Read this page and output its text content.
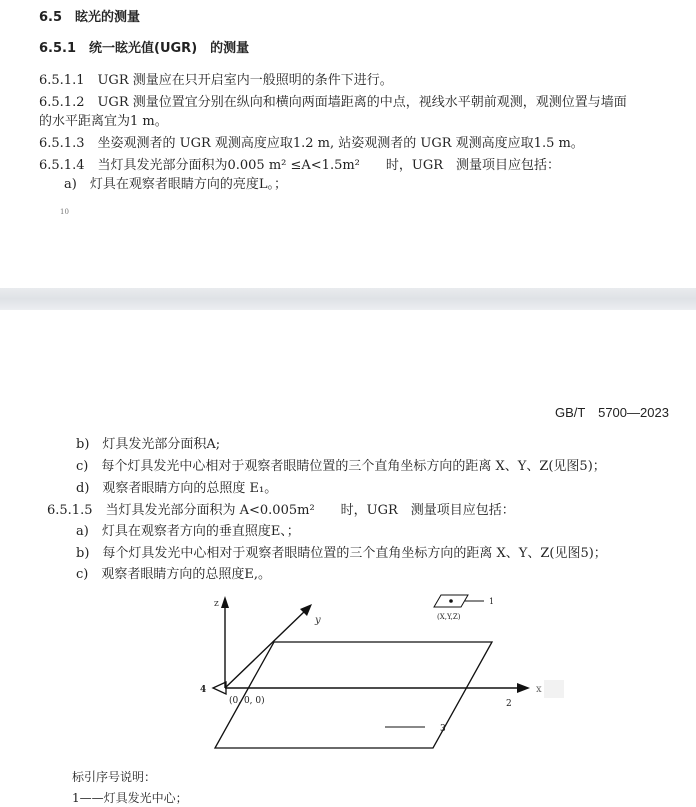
6.5　眩光的测量
6.5.1　统一眩光值(UGR)　的测量
6.5.1.1　UGR 测量应在只开启室内一般照明的条件下进行。
6.5.1.2　UGR 测量位置宜分别在纵向和横向两面墙距离的中点，视线水平朝前观测，观测位置与墙面
的水平距离宜为1 m。
6.5.1.3　坐姿观测者的 UGR 观测高度应取1.2 m, 站姿观测者的 UGR 观测高度应取1.5 m。
6.5.1.4　当灯具发光部分面积为0.005 m² ≤A<1.5m²　　时，UGR　测量项目应包括：
a)　灯具在观察者眼睛方向的亮度L。；
10
GB/T　5700—2023
b)　灯具发光部分面积A;
c)　每个灯具发光中心相对于观察者眼睛位置的三个直角坐标方向的距离 X、Y、Z(见图5)；
d)　观察者眼睛方向的总照度 E₁。
6.5.1.5　当灯具发光部分面积为 A<0.005m²　　时，UGR　测量项目应包括：
a)　灯具在观察者方向的垂直照度E、；
b)　每个灯具发光中心相对于观察者眼睛位置的三个直角坐标方向的距离 X、Y、Z(见图5)；
c)　观察者眼睛方向的总照度E,。
z
y
x
4
(0, 0, 0)	2
3
1
(X,Y,Z)
标引序号说明：
1——灯具发光中心；
